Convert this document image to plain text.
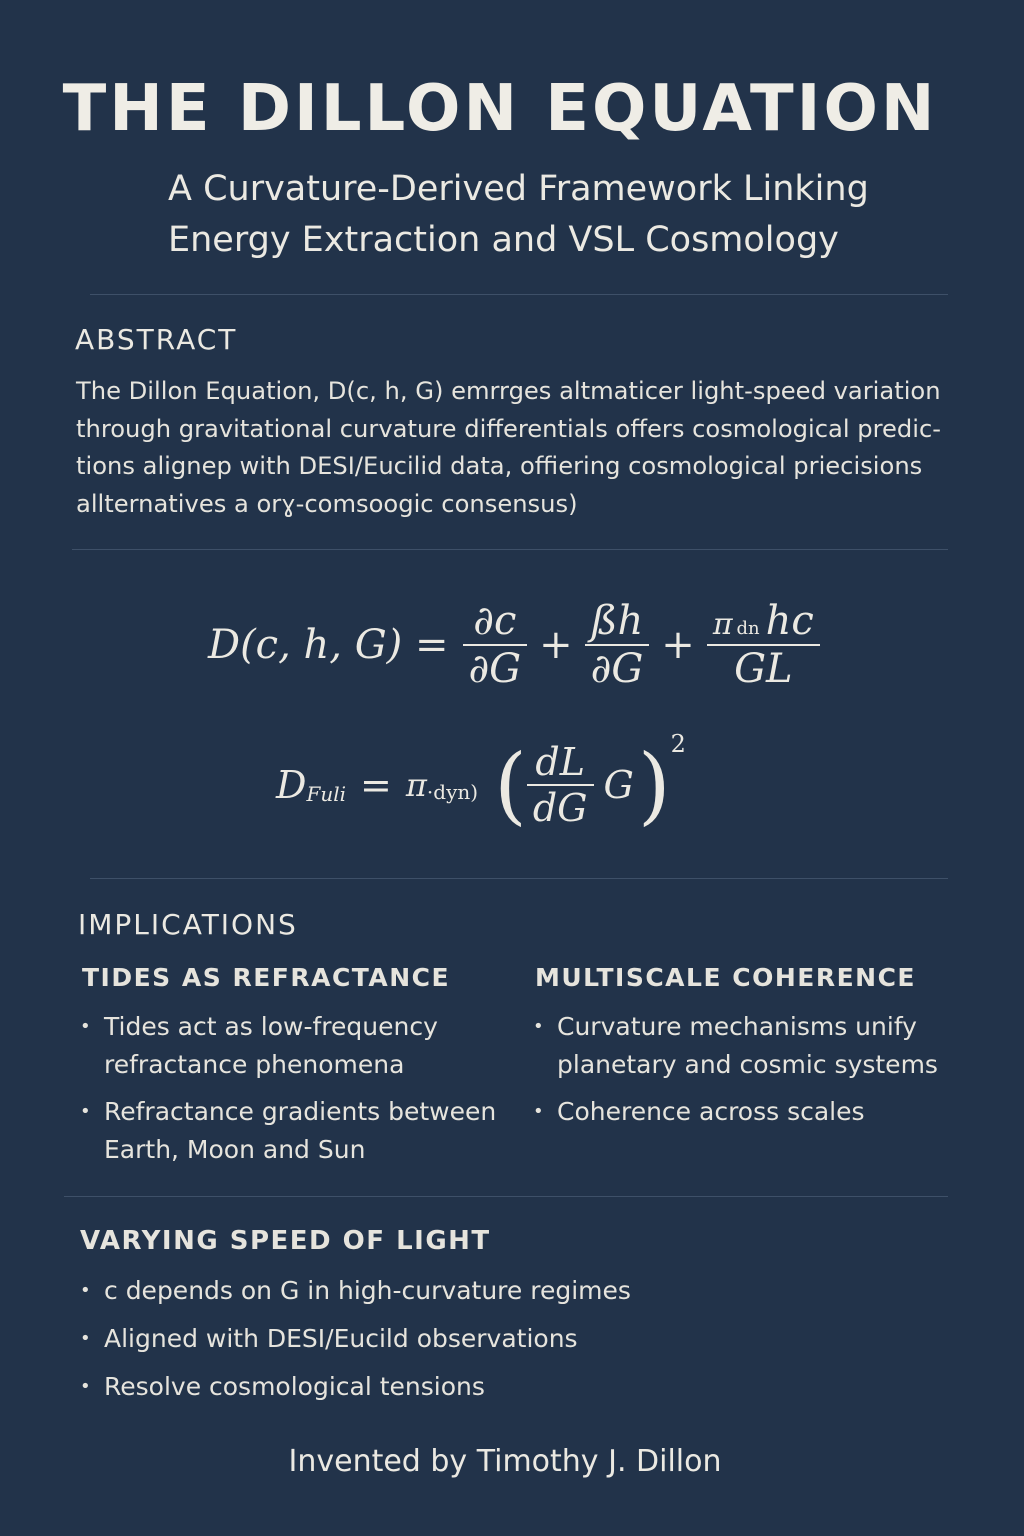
THE DILLON EQUATION
A Curvature-Derived Framework Linking
Energy Extraction and VSL Cosmology
ABSTRACT
The Dillon Equation, D(c, h, G) emrrges altmaticer light-speed variation
through gravitational curvature differentials offers cosmological predic-
tions alignep with DESI/Eucilid data, offiering cosmological priecisions
allternatives a orɣ-comsoogic consensus)
D(c, h, $G) = \frac{\partial c}{\partial G} + \frac{ßh}{\partial G} + \frac{\text{π dn hc}}{GL}$
D Fuli = π ·dyn) ( $\frac{dL}{dG}$ G ) 2
IMPLICATIONS
TIDES AS REFRACTANCE
• Tides act as low-frequency
refractance phenomena
• Refractance gradients between
Earth, Moon and Sun
MULTISCALE COHERENCE
• Curvature mechanisms unify
planetary and cosmic systems
• Coherence across scales
VARYING SPEED OF LIGHT
• c depends on G in high-curvature regimes
• Aligned with DESI/Eucild observations
• Resolve cosmological tensions
Invented by Timothy J. Dillon
